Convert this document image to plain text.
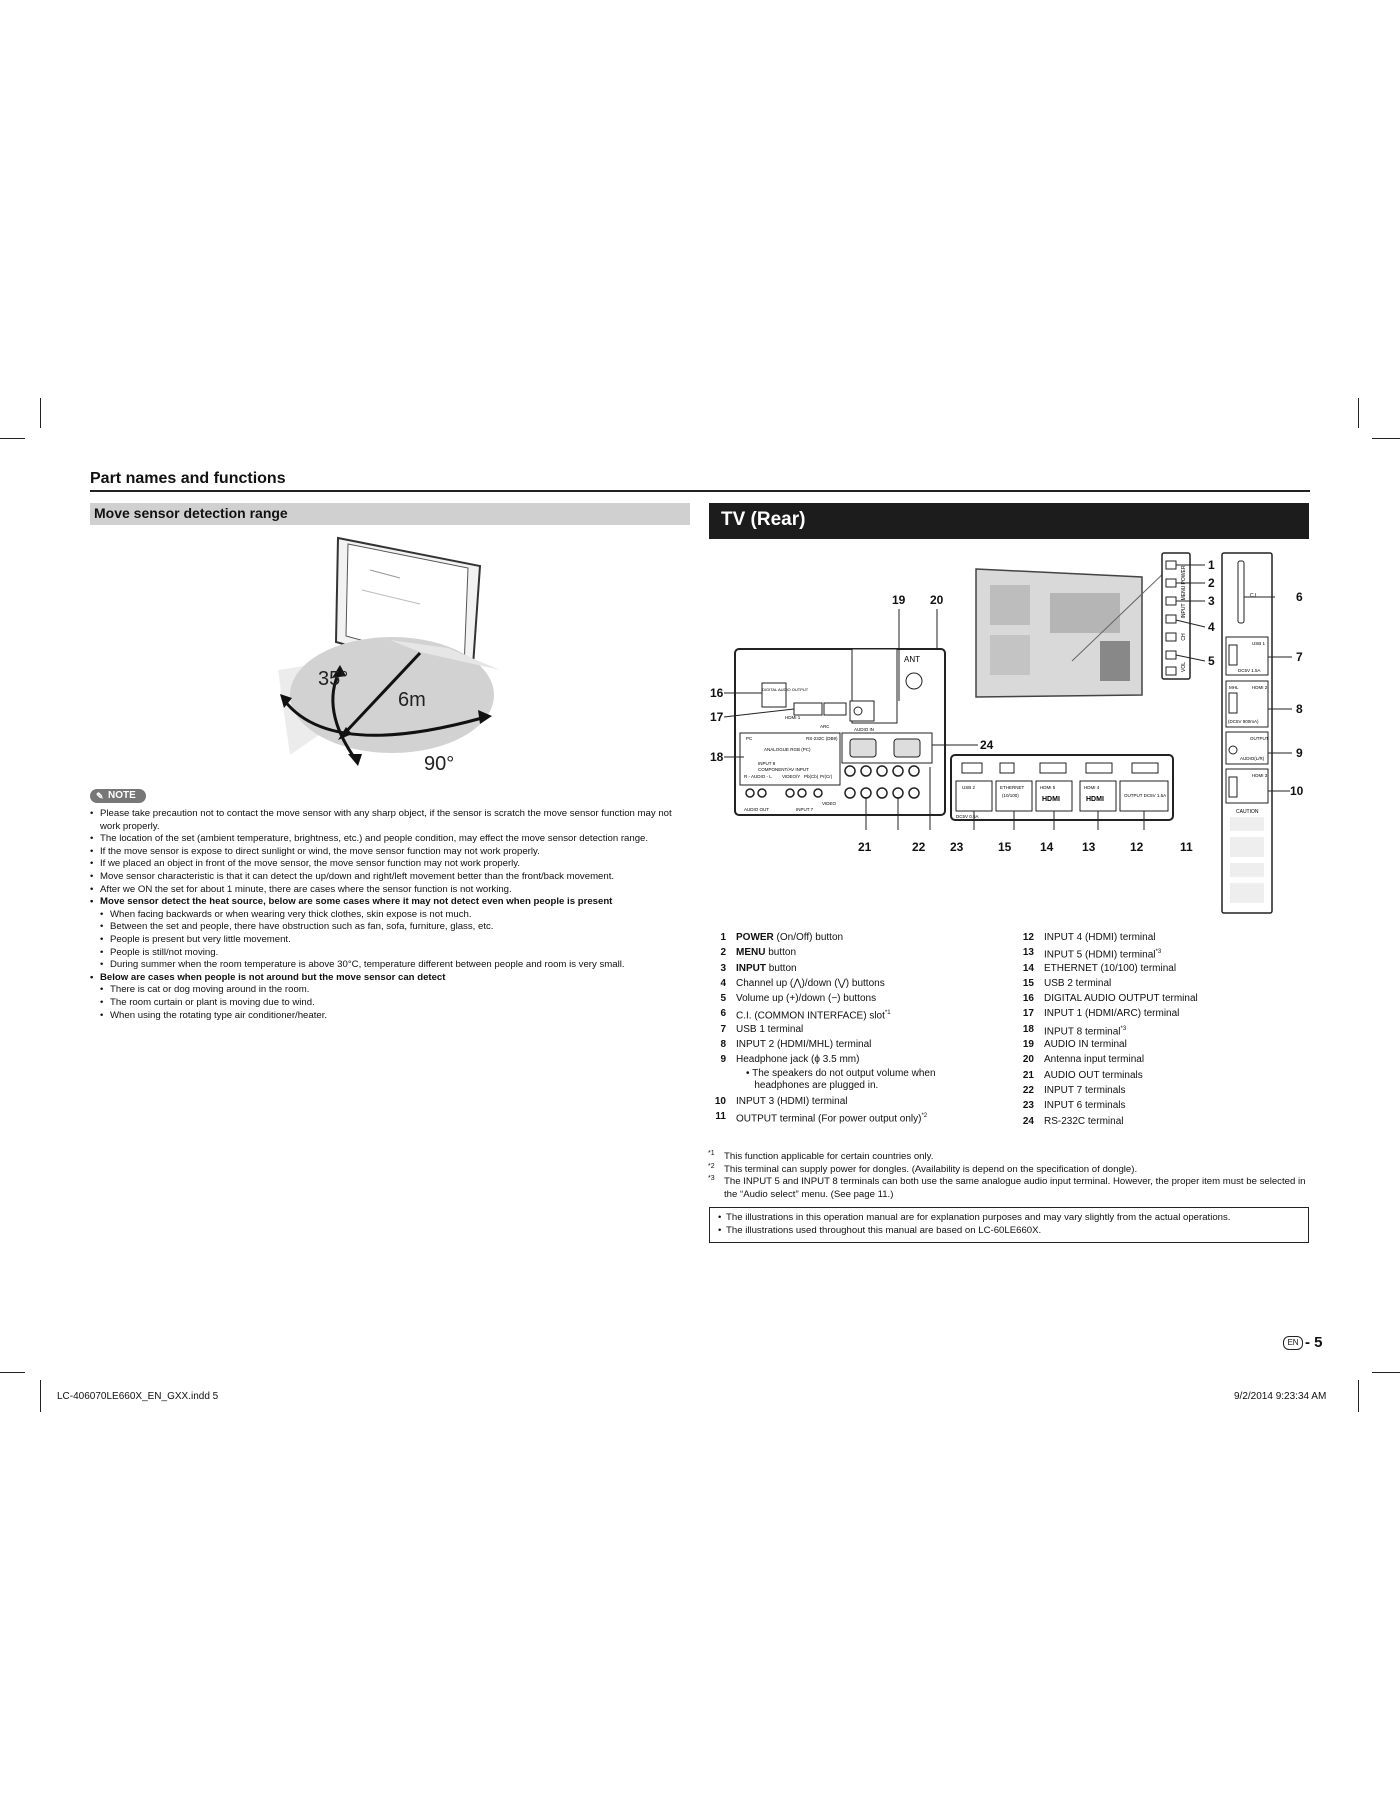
Part names and functions
Move sensor detection range	TV (Rear)
35°
6m
90°
✎ NOTE
• Please take precaution not to contact the move sensor with any sharp object, if the sensor is scratch the move sensor function may not work properly.
• The location of the set (ambient temperature, brightness, etc.) and people condition, may effect the move sensor detection range.
• If the move sensor is expose to direct sunlight or wind, the move sensor function may not work properly.
• If we placed an object in front of the move sensor, the move sensor function may not work properly.
• Move sensor characteristic is that it can detect the up/down and right/left movement better than the front/back movement.
• After we ON the set for about 1 minute, there are cases where the sensor function is not working.
• Move sensor detect the heat source, below are some cases where it may not detect even when people is present
• When facing backwards or when wearing very thick clothes, skin expose is not much.
• Between the set and people, there have obstruction such as fan, sofa, furniture, glass, etc.
• People is present but very little movement.
• People is still/not moving.
• During summer when the room temperature is above 30°C, temperature different between people and room is very small.
• Below are cases when people is not around but the move sensor can detect
• There is cat or dog moving around in the room.
• The room curtain or plant is moving due to wind.
• When using the rotating type air conditioner/heater.
POWER
MENU
INPUT
CH
VOL
1
2
3
4
5
C.I.
USB 1
DC5V 1.5A
MHL	HDMI 2
(DC5V 900mA)
OUTPUT
AUDIO(L/R)
HDMI 3
CAUTION
6
7
8
9
10
ANT
DIGITAL AUDIO OUTPUT
HDMI 1
ARC
AUDIO IN
PC	RS-232C (DB9)
ANALOGUE RGB (PC)
INPUT 8
COMPONENT/AV INPUT
R - AUDIO - L VIDEO/Y Pb(Cb) Pr(Cr)
AUDIO OUT	INPUT 7
VIDEO
USB 2
DC5V 0.5A
ETHERNET
(10/100)
HDMI 5
HDMI
HDMI 4
HDMI
OUTPUT DC5V 1.5A
16
17
18
19 20
24
21	22 23	15 14 13	12	11
1 POWER (On/Off) button
2 MENU button
3 INPUT button
4 Channel up (⋀)/down (⋁) buttons
5 Volume up (+)/down (−) buttons
6 C.I. (COMMON INTERFACE) slot$^{*1}$
7 USB 1 terminal
8 INPUT 2 (HDMI/MHL) terminal
9 Headphone jack (ϕ 3.5 mm)
• The speakers do not output volume when
headphones are plugged in.
10 INPUT 3 (HDMI) terminal
11 OUTPUT terminal (For power output only)$^{*2}$
12 INPUT 4 (HDMI) terminal
13 INPUT 5 (HDMI) terminal$^{*3}$
14 ETHERNET (10/100) terminal
15 USB 2 terminal
16 DIGITAL AUDIO OUTPUT terminal
17 INPUT 1 (HDMI/ARC) terminal
18 INPUT 8 terminal$^{*3}$
19 AUDIO IN terminal
20 Antenna input terminal
21 AUDIO OUT terminals
22 INPUT 7 terminals
23 INPUT 6 terminals
24 RS-232C terminal
*1 This function applicable for certain countries only.
*2 This terminal can supply power for dongles. (Availability is depend on the specification of dongle).
*3 The INPUT 5 and INPUT 8 terminals can both use the same analogue audio input terminal. However, the proper item must be selected in the “Audio select” menu. (See page 11.)
• The illustrations in this operation manual are for explanation purposes and may vary slightly from the actual operations.
• The illustrations used throughout this manual are based on LC-60LE660X.
EN - 5
LC-406070LE660X_EN_GXX.indd 5	9/2/2014 9:23:34 AM
